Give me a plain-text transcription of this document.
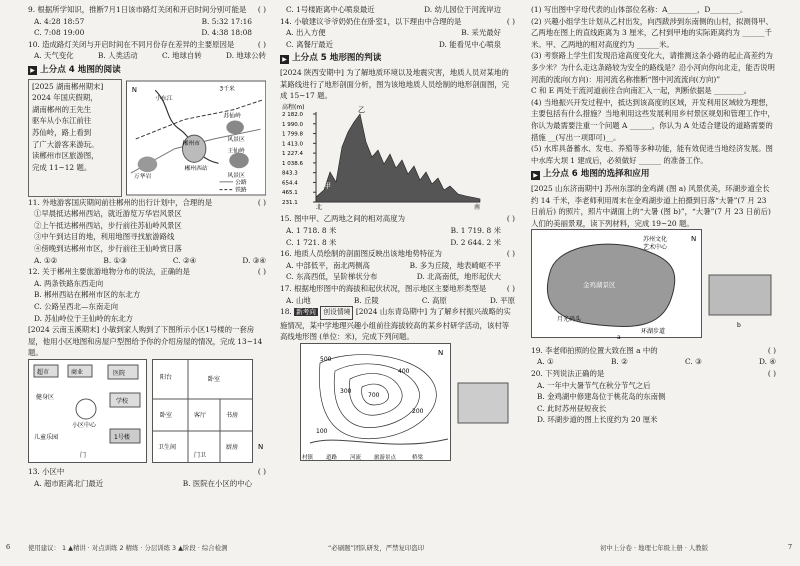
9. 根据所学知识，推断7月1日该市路灯关闭和开启时间分别可能是 ( )

A. 4:28 18:57	B. 5:32 17:16
C. 7:08 19:00	D. 4:38 18:08

10. 造成路灯关闭与开启时间在不同月份存在差异的主要原因是	( )

A. 天气变化	B. 人类活动	C. 地球自转	D. 地球公转
▶ 上分点 4 地图的阅读
[2025 湖南郴州期末]
2024 年国庆假期，
湖南郴州的王先生
驱车从小东江前往
苏仙岭，路上看到
了广大游客来游玩。
读郴州市区旅游图，
完成 11~12 题。
N	3千米
小东江
万华岩
郴州西站
郴州市
苏仙岭
风景区
王仙岭
风景区
公路
铁路

11. 外地游客国庆期间前往郴州的出行计划中，合理的是	( )

①早晨抵达郴州西站，就近游览万华岩风景区
②上午抵达郴州西站，步行前往苏仙岭风景区
③中午到达目的地，利用地图寻找旅游路线
④傍晚到达郴州市区，步行前往王仙岭赏日落
A. ①②	B. ①③	C. ②④	D. ③④

12. 关于郴州主要旅游地物分布的说法，正确的是	( )

A. 两条铁路东西走向
B. 郴州西站在郴州市区的东北方
C. 公路呈西北—东南走向
D. 苏仙岭位于王仙岭的东北方

[2024 云南玉溪期末] 小敏到家人购到了下图所示小区1号楼的一套房屋，他用小区地图和房屋户型图给予你的介绍房屋的情况，完成 13~14 题。

超市	商业	医院
健身区
小区中心
学校
儿童乐园	1号楼
门
阳台	卧室
卧室	书房
客厅
卫生间	厨房
门卫
N

13. 小区中	( )

A. 超市距离北门最近	B. 医院在小区的中心
C. 1号楼距离中心喷泉最近	D. 幼儿园位于河流岸边

14. 小敏建议爷爷奶奶住在卧室1，以下理由中合理的是	( )

A. 出入方便	B. 采光最好
C. 离餐厅最近	D. 能看见中心喷泉
▶ 上分点 5 地形图的判读

[2024 陕西安期中] 为了解地质环境以及地震灾害，地质人员对某地的某路线进行了地形剖面分析，图为该地地质人员绘制的地形剖面图，完成 15~17 题。

高程(m)
2 182.0
1 990.0
1 799.8
1 413.0
1 227.4
1 038.6
843.3
654.4
465.1
231.1
乙
甲
北	南

15. 图中甲、乙两地之间的相对高度为	( )

A. 1 718. 8 米	B. 1 719. 8 米
C. 1 721. 8 米	D. 2 644. 2 米

16. 地质人员绘制的剖面图反映出该地地势特征为	( )

A. 中部低平，南北两侧高	B. 多为丘陵，地表崎岖不平
C. 东高西低，呈阶梯状分布	D. 北高南低，地形起伏大

17. 根据地形图中的海拔和起伏状况，图示地区主要地形类型是	( )

A. 山地	B. 丘陵	C. 高原	D. 平原

18. 新考向 创设情境 [2024 山东青岛期中] 为了解乡村振兴战略的实施情况，某中学地理兴趣小组前往海拔较高的某乡村研学活动，该村等高线地形图 (单位：米)，完成下列问题。

500
400
300
200
100
700
N
村镇 道路 河流 旅游景点	桥梁

(1) 写出图中字母代表的山体部位名称：A________，D________。

(2) 兴趣小组学生计划从乙村出发，向西跋涉到东南侧的山村，拟测得甲、乙两地在图上的直线距离为 3 厘米，乙村到甲地的实际距离约为 ______千米。甲、乙两地的相对高度约为 ______米。

(3) 考察路上学生们发现沿途高度变化大，请推测这条小路的起止高差约为多少米？为什么走这条路较为安全的路线是？沿小河向你向北走，能否说明河流的流向(方向)：用河流名称推断“图中河流流向(方向)”

C 和 E 两处干流河道前往合向南汇入一起，判断依据是 ________。

(4) 当地振兴开发过程中，抵达到该高度的区域，开发利用区域较为理想，主要包括有什么措施？当地利用这些发展利用乡村景区规划和管理工作中，你认为最需要注重一个问题 A ______，你认为 A 处适合建设的道路需要的措施 __(写出一项即可)__。

(5) 水库具备蓄水、发电、养殖等多种功能，能有效促进当地经济发展。图中水库大坝 1 建成后，必须做好 ______ 的准备工作。

▶ 上分点 6 地图的选择和应用

[2025 山东济南期中] 苏州东部的金鸡湖 (图 a) 风景优美，环湖步道全长约 14 千米，李老师利用周末在金鸡湖步道上拍摄到日落“大暑”(7 月 23 日前后) 的照片，照片中湖面上的“大暑 (图 b)”，“大暑”(7 月 23 日前后)人们的美丽景观，读下列材料，完成 19~20 题。

苏州文化
艺术中心
金鸡湖景区
月光码头
环湖步道
N
a
b

19. 李老师拍照的位置大致在图 a 中的	( )

A. ①	B. ②	C. ③	D. ④

20. 下列说法正确的是	( )

A. 一年中大暑节气在秋分节气之后
B. 金鸡湖中修建岛位于桃花岛的东南侧
C. 此时苏州昼短夜长
D. 环湖步道的图上长度约为 20 厘米
6	使用建议： 1 ▲精讲 · 对点训练 2 精练 · 分层训练 3 ▲阶段 · 综合检测	“必刷题”团队研发，严禁复印盗印	初中上分卷 · 地理七年级上册 · 人教版	7
